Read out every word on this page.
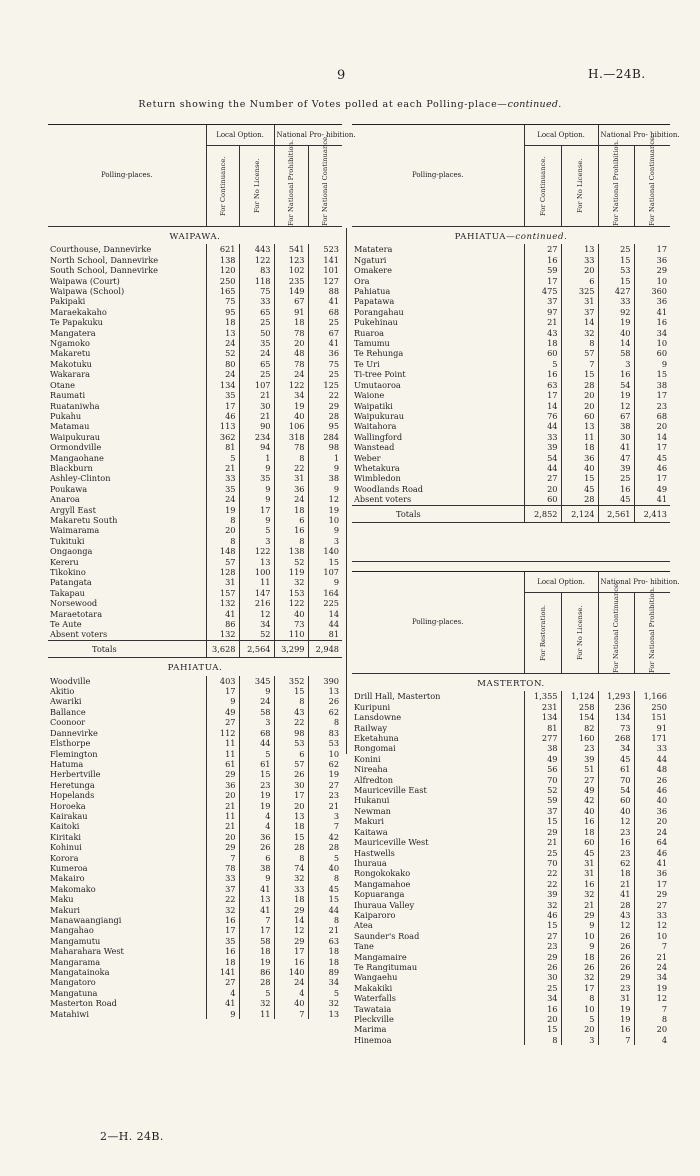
9	H.—24B.
Return showing the Number of Votes polled at each Polling-place—continued.
Polling-places.	Local Option.		National Pro- hibition.	

	For Continuance.	For No License.	For National Prohibition.	For National Continuance.

WAIPAWA.				
Courthouse, Dannevirke	621	443	541	523
North School, Dannevirke	138	122	123	141
South School, Dannevirke	120	83	102	101
Waipawa (Court)	250	118	235	127
Waipawa (School)	165	75	149	88
Pakipaki	75	33	67	41
Maraekakaho	95	65	91	68
Te Papakuku	18	25	18	25
Mangatera	13	50	78	67
Ngamoko	24	35	20	41
Makaretu	52	24	48	36
Makotuku	80	65	78	75
Wakarara	24	25	24	25
Otane	134	107	122	125
Raumati	35	21	34	22
Ruataniwha	17	30	19	29
Pukahu	46	21	40	28
Matamau	113	90	106	95
Waipukurau	362	234	318	284
Ormondville	81	94	78	98
Mangaohane	5	1	8	1
Blackburn	21	9	22	9
Ashley-Clinton	33	35	31	38
Poukawa	35	9	36	9
Anaroa	24	9	24	12
Argyll East	19	17	18	19
Makaretu South	8	9	6	10
Waimarama	20	5	16	9
Tukituki	8	3	8	3
Ongaonga	148	122	138	140
Kereru	57	13	52	15
Tikokino	128	100	119	107
Patangata	31	11	32	9
Takapau	157	147	153	164
Norsewood	132	216	122	225
Maraetotara	41	12	40	14
Te Aute	86	34	73	44
Absent voters	132	52	110	81
Totals	3,628	2,564	3,299	2,948
PAHIATUA.				
Woodville	403	345	352	390
Akitio	17	9	15	13
Awariki	9	24	8	26
Ballance	49	58	43	62
Coonoor	27	3	22	8
Dannevirke	112	68	98	83
Elsthorpe	11	44	53	53
Flemington	11	5	6	10
Hatuma	61	61	57	62
Herbertville	29	15	26	19
Heretunga	36	23	30	27
Hopelands	20	19	17	23
Horoeka	21	19	20	21
Kairakau	11	4	13	3
Kaitoki	21	4	18	7
Kiritaki	20	36	15	42
Kohinui	29	26	28	28
Korora	7	6	8	5
Kumeroa	78	38	74	40
Makairo	33	9	32	8
Makomako	37	41	33	45
Maku	22	13	18	15
Makuri	32	41	29	44
Manawaangiangi	16	7	14	8
Mangahao	17	17	12	21
Mangamutu	35	58	29	63
Maharahara West	16	18	17	18
Mangarama	18	19	16	18
Mangatainoka	141	86	140	89
Mangatoro	27	28	24	34
Mangatuna	4	5	4	5
Masterton Road	41	32	40	32
Matahiwi	9	11	7	13
Polling-places.	Local Option.		National Pro- hibition.	

	For Continuance.	For No License.	For National Prohibition.	For National Continuance.

PAHIATUA—continued.				
Matatera	27	13	25	17
Ngaturi	16	33	15	36
Omakere	59	20	53	29
Ora	17	6	15	10
Pahiatua	475	325	427	360
Papatawa	37	31	33	36
Porangahau	97	37	92	41
Pukehinau	21	14	19	16
Ruaroa	43	32	40	34
Tamumu	18	8	14	10
Te Rehunga	60	57	58	60
Te Uri	5	7	3	9
Ti-tree Point	16	15	16	15
Umutaoroa	63	28	54	38
Waione	17	20	19	17
Waipatiki	14	20	12	23
Waipukurau	76	60	67	68
Waitahora	44	13	38	20
Wallingford	33	11	30	14
Wanstead	39	18	41	17
Weber	54	36	47	45
Whetakura	44	40	39	46
Wimbledon	27	15	25	17
Woodlands Road	20	45	16	49
Absent voters	60	28	45	41
Totals	2,852	2,124	2,561	2,413
Polling-places.	Local Option.		National Pro- hibition.	

	For Restoration.	For No License.	For National Continuance.	For National Prohibition.

MASTERTON.				
Drill Hall, Masterton	1,355	1,124	1,293	1,166
Kuripuni	231	258	236	250
Lansdowne	134	154	134	151
Railway	81	82	73	91
Eketahuna	277	160	268	171
Rongomai	38	23	34	33
Konini	49	39	45	44
Nireaha	56	51	61	48
Alfredton	70	27	70	26
Mauriceville East	52	49	54	46
Hukanui	59	42	60	40
Newman	37	40	40	36
Makuri	15	16	12	20
Kaitawa	29	18	23	24
Mauriceville West	21	60	16	64
Hastwells	25	45	23	46
Ihuraua	70	31	62	41
Rongokokako	22	31	18	36
Mangamahoe	22	16	21	17
Kopuaranga	39	32	41	29
Ihuraua Valley	32	21	28	27
Kaiparoro	46	29	43	33
Atea	15	9	12	12
Saunder's Road	27	10	26	10
Tane	23	9	26	7
Mangamaire	29	18	26	21
Te Rangitumau	26	26	26	24
Wangaehu	30	32	29	34
Makakiki	25	17	23	19
Waterfalls	34	8	31	12
Tawataia	16	10	19	7
Pleckville	20	5	19	8
Marima	15	20	16	20
Hinemoa	8	3	7	4
2—H. 24B.
